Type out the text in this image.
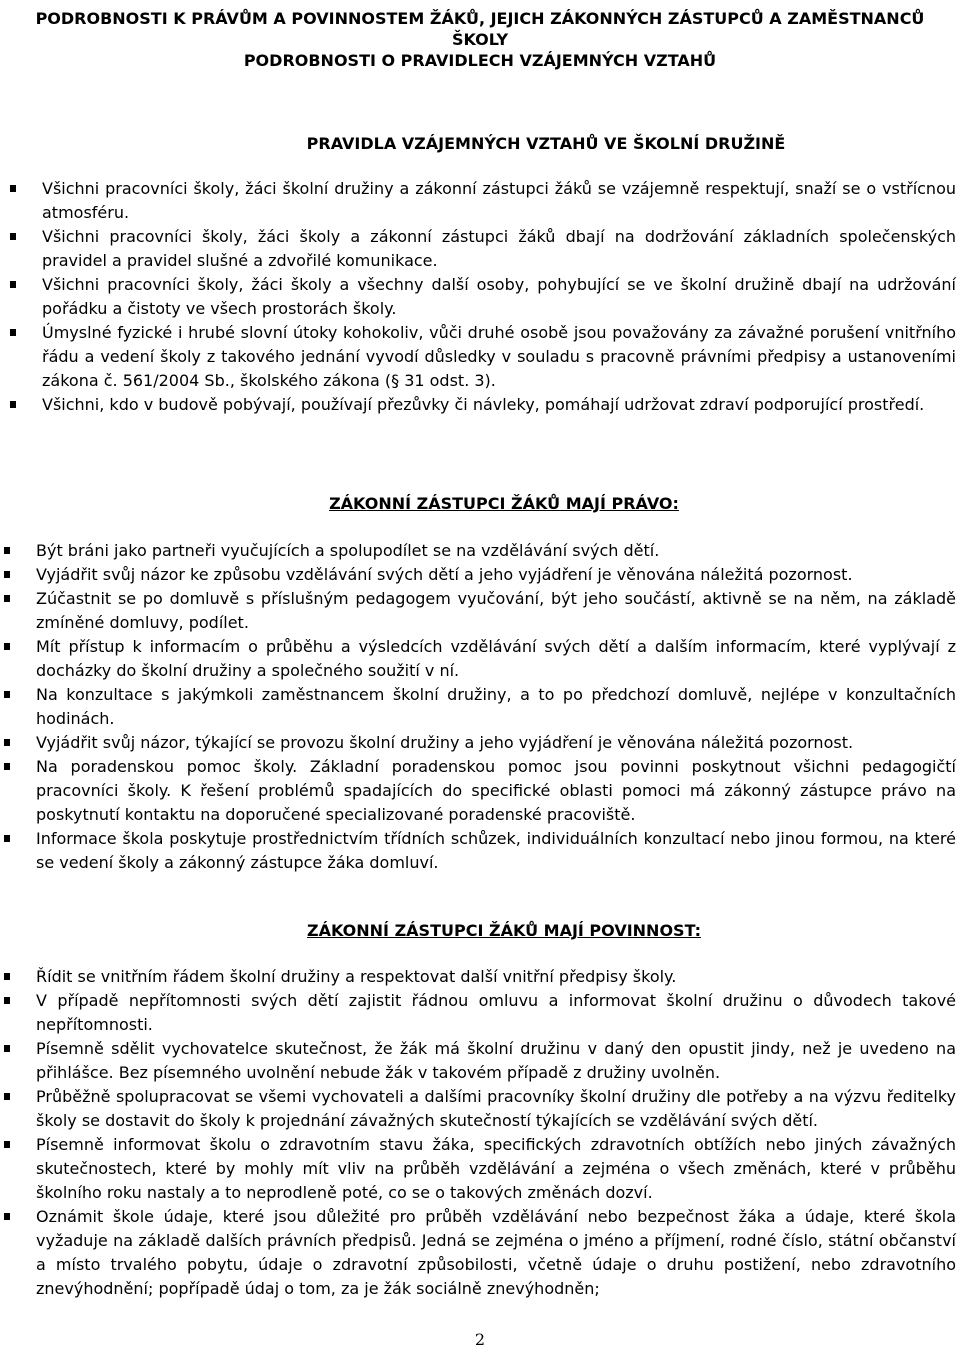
PODROBNOSTI K PRÁVŮM A POVINNOSTEM ŽÁKŮ, JEJICH ZÁKONNÝCH ZÁSTUPCŮ A ZAMĚSTNANCŮ
ŠKOLY
PODROBNOSTI O PRAVIDLECH VZÁJEMNÝCH VZTAHŮ
PRAVIDLA VZÁJEMNÝCH VZTAHŮ VE ŠKOLNÍ DRUŽINĚ
Všichni pracovníci školy, žáci školní družiny a zákonní zástupci žáků se vzájemně respektují, snaží se o vstřícnou atmosféru.
Všichni pracovníci školy, žáci školy a zákonní zástupci žáků dbají na dodržování základních společenských pravidel a pravidel slušné a zdvořilé komunikace.
Všichni pracovníci školy, žáci školy a všechny další osoby, pohybující se ve školní družině dbají na udržování pořádku a čistoty ve všech prostorách školy.
Úmyslné fyzické i hrubé slovní útoky kohokoliv, vůči druhé osobě jsou považovány za závažné porušení vnitřního řádu a vedení školy z takového jednání vyvodí důsledky v souladu s pracovně právními předpisy a ustanoveními zákona č. 561/2004 Sb., školského zákona (§ 31 odst. 3).
Všichni, kdo v budově pobývají, používají přezůvky či návleky, pomáhají udržovat zdraví podporující prostředí.
ZÁKONNÍ ZÁSTUPCI ŽÁKŮ MAJÍ PRÁVO:
Být bráni jako partneři vyučujících a spolupodílet se na vzdělávání svých dětí.
Vyjádřit svůj názor ke způsobu vzdělávání svých dětí a jeho vyjádření je věnována náležitá pozornost.
Zúčastnit se po domluvě s příslušným pedagogem vyučování, být jeho součástí, aktivně se na něm, na základě zmíněné domluvy, podílet.
Mít přístup k informacím o průběhu a výsledcích vzdělávání svých dětí a dalším informacím, které vyplývají z docházky do školní družiny a společného soužití v ní.
Na konzultace s jakýmkoli zaměstnancem školní družiny, a to po předchozí domluvě, nejlépe v konzultačních hodinách.
Vyjádřit svůj názor, týkající se provozu školní družiny a jeho vyjádření je věnována náležitá pozornost.
Na poradenskou pomoc školy. Základní poradenskou pomoc jsou povinni poskytnout všichni pedagogičtí pracovníci školy. K řešení problémů spadajících do specifické oblasti pomoci má zákonný zástupce právo na poskytnutí kontaktu na doporučené specializované poradenské pracoviště.
Informace škola poskytuje prostřednictvím třídních schůzek, individuálních konzultací nebo jinou formou, na které se vedení školy a zákonný zástupce žáka domluví.
ZÁKONNÍ ZÁSTUPCI ŽÁKŮ MAJÍ POVINNOST:
Řídit se vnitřním řádem školní družiny a respektovat další vnitřní předpisy školy.
V případě nepřítomnosti svých dětí zajistit řádnou omluvu a informovat školní družinu o důvodech takové nepřítomnosti.
Písemně sdělit vychovatelce skutečnost, že žák má školní družinu v daný den opustit jindy, než je uvedeno na přihlášce. Bez písemného uvolnění nebude žák v takovém případě z družiny uvolněn.
Průběžně spolupracovat se všemi vychovateli a dalšími pracovníky školní družiny dle potřeby a na výzvu ředitelky školy se dostavit do školy k projednání závažných skutečností týkajících se vzdělávání svých dětí.
Písemně informovat školu o zdravotním stavu žáka, specifických zdravotních obtížích nebo jiných závažných skutečnostech, které by mohly mít vliv na průběh vzdělávání a zejména o všech změnách, které v průběhu školního roku nastaly a to neprodleně poté, co se o takových změnách dozví.
Oznámit škole údaje, které jsou důležité pro průběh vzdělávání nebo bezpečnost žáka a údaje, které škola vyžaduje na základě dalších právních předpisů. Jedná se zejména o jméno a příjmení, rodné číslo, státní občanství a místo trvalého pobytu, údaje o zdravotní způsobilosti, včetně údaje o druhu postižení, nebo zdravotního znevýhodnění; popřípadě údaj o tom, za je žák sociálně znevýhodněn;
2
